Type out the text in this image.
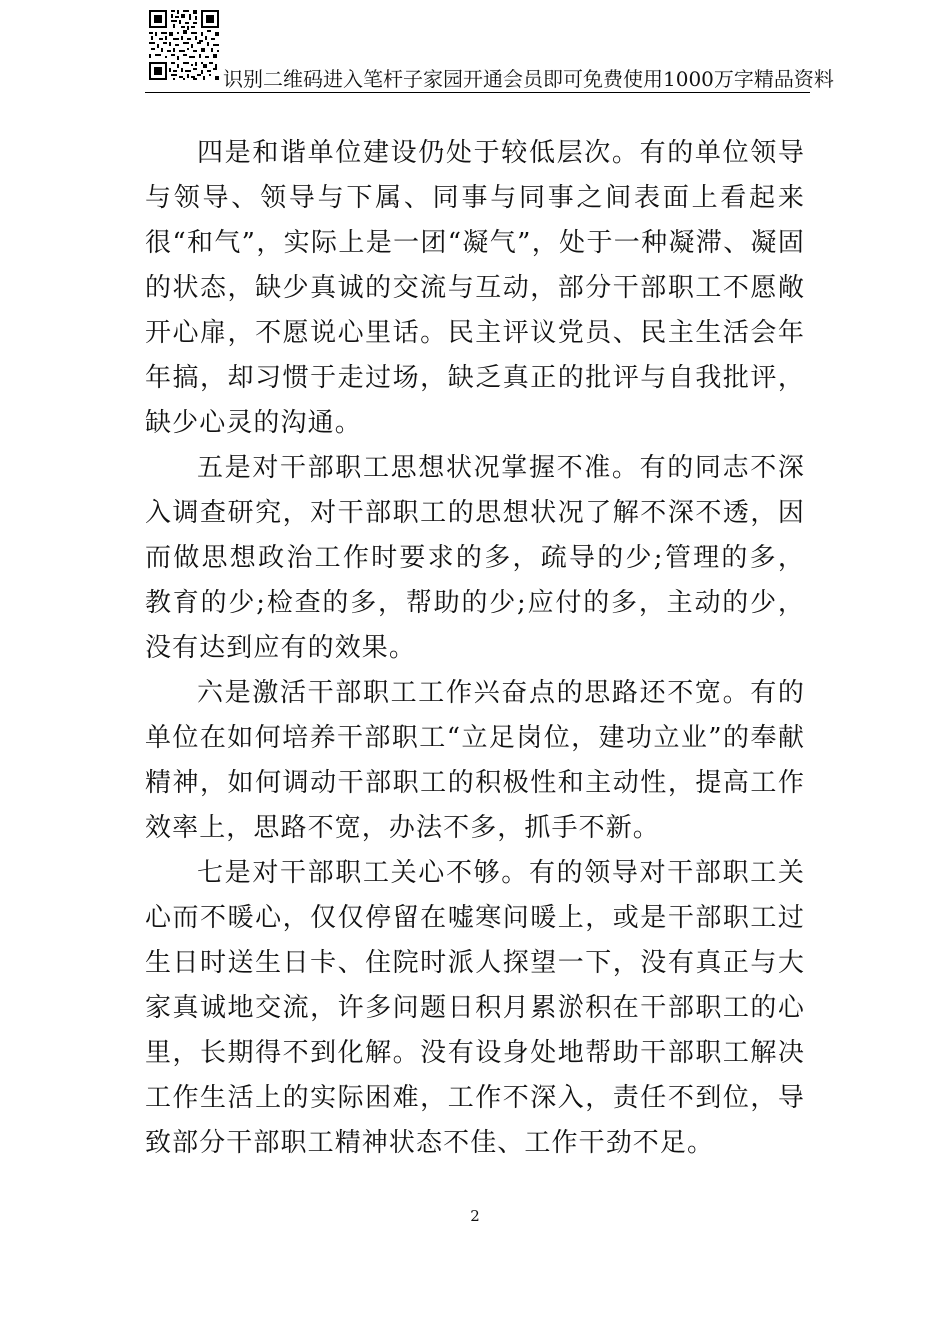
识别二维码进入笔杆子家园开通会员即可免费使用1000万字精品资料

四是和谐单位建设仍处于较低层次。有的单位领导与领导、领导与下属、同事与同事之间表面上看起来很“和气”，实际上是一团“凝气”，处于一种凝滞、凝固的状态，缺少真诚的交流与互动，部分干部职工不愿敞开心扉，不愿说心里话。民主评议党员、民主生活会年年搞，却习惯于走过场，缺乏真正的批评与自我批评，缺少心灵的沟通。

五是对干部职工思想状况掌握不准。有的同志不深入调查研究，对干部职工的思想状况了解不深不透，因而做思想政治工作时要求的多，疏导的少;管理的多，教育的少;检查的多，帮助的少;应付的多，主动的少，没有达到应有的效果。

六是激活干部职工工作兴奋点的思路还不宽。有的单位在如何培养干部职工“立足岗位，建功立业”的奉献精神，如何调动干部职工的积极性和主动性，提高工作效率上，思路不宽，办法不多，抓手不新。

七是对干部职工关心不够。有的领导对干部职工关心而不暖心，仅仅停留在嘘寒问暖上，或是干部职工过生日时送生日卡、住院时派人探望一下，没有真正与大家真诚地交流，许多问题日积月累淤积在干部职工的心里，长期得不到化解。没有设身处地帮助干部职工解决工作生活上的实际困难，工作不深入，责任不到位，导致部分干部职工精神状态不佳、工作干劲不足。

2
